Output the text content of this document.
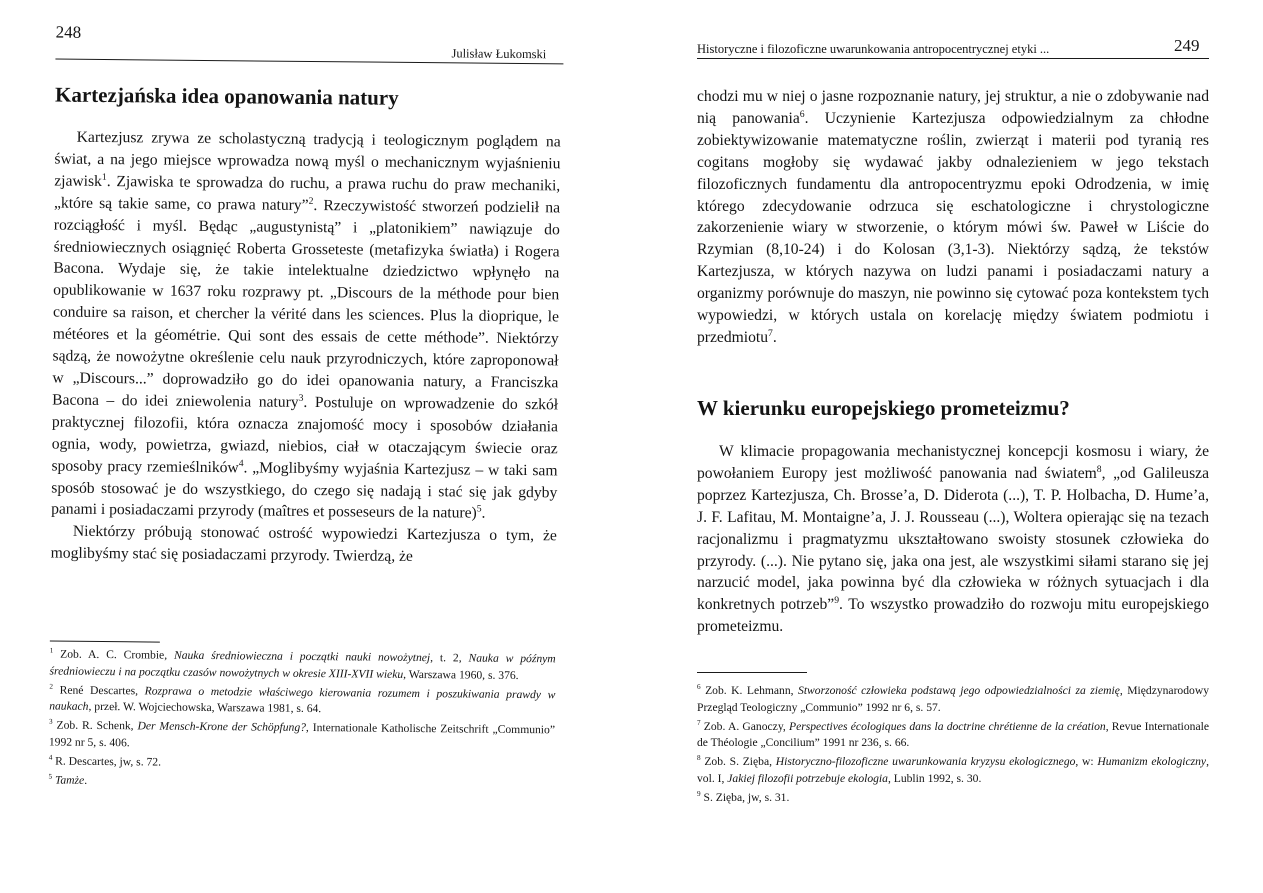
248
Julisław Łukomski
Kartezjańska idea opanowania natury

Kartezjusz zrywa ze scholastyczną tradycją i teologicznym poglądem na świat, a na jego miejsce wprowadza nową myśl o mechanicznym wyjaśnieniu zjawisk$^1$. Zjawiska te sprowadza do ruchu, a prawa ruchu do praw mechaniki, „które są takie same, co prawa natury”$^2$. Rzeczywistość stworzeń podzielił na rozciągłość i myśl. Będąc „augustynistą” i „platonikiem” nawiązuje do średniowiecznych osiągnięć Roberta Grosseteste (metafizyka światła) i Rogera Bacona. Wydaje się, że takie intelektualne dziedzictwo wpłynęło na opublikowanie w 1637 roku rozprawy pt. „Discours de la méthode pour bien conduire sa raison, et chercher la vérité dans les sciences. Plus la dioprique, le météores et la géométrie. Qui sont des essais de cette méthode”. Niektórzy sądzą, że nowożytne określenie celu nauk przyrodniczych, które zaproponował w „Discours...” doprowadziło go do idei opanowania natury, a Franciszka Bacona – do idei zniewolenia natury$^3$. Postuluje on wprowadzenie do szkół praktycznej filozofii, która oznacza znajomość mocy i sposobów działania ognia, wody, powietrza, gwiazd, niebios, ciał w otaczającym świecie oraz sposoby pracy rzemieślników$^4$. „Moglibyśmy wyjaśnia Kartezjusz – w taki sam sposób stosować je do wszystkiego, do czego się nadają i stać się jak gdyby panami i posiadaczami przyrody (maîtres et posseseurs de la nature)$^5$.

Niektórzy próbują stonować ostrość wypowiedzi Kartezjusza o tym, że moglibyśmy stać się posiadaczami przyrody. Twierdzą, że

$^1$ Zob. A. C. Crombie, Nauka średniowieczna i początki nauki nowożytnej, t. 2, Nauka w późnym średniowieczu i na początku czasów nowożytnych w okresie XIII-XVII wieku, Warszawa 1960, s. 376.
$^2$ René Descartes, Rozprawa o metodzie właściwego kierowania rozumem i poszukiwania prawdy w naukach, przeł. W. Wojciechowska, Warszawa 1981, s. 64.
$^3$ Zob. R. Schenk, Der Mensch-Krone der Schöpfung?, Internationale Katholische Zeitschrift „Communio” 1992 nr 5, s. 406.
$^4$ R. Descartes, jw, s. 72.
$^5$ Tamże.
Historyczne i filozoficzne uwarunkowania antropocentrycznej etyki ...	249

chodzi mu w niej o jasne rozpoznanie natury, jej struktur, a nie o zdobywanie nad nią panowania$^6$. Uczynienie Kartezjusza odpowiedzialnym za chłodne zobiektywizowanie matematyczne roślin, zwierząt i materii pod tyranią res cogitans mogłoby się wydawać jakby odnalezieniem w jego tekstach filozoficznych fundamentu dla antropocentryzmu epoki Odrodzenia, w imię którego zdecydowanie odrzuca się eschatologiczne i chrystologiczne zakorzenienie wiary w stworzenie, o którym mówi św. Paweł w Liście do Rzymian (8,10-24) i do Kolosan (3,1-3). Niektórzy sądzą, że tekstów Kartezjusza, w których nazywa on ludzi panami i posiadaczami natury a organizmy porównuje do maszyn, nie powinno się cytować poza kontekstem tych wypowiedzi, w których ustala on korelację między światem podmiotu i przedmiotu$^7$.

W kierunku europejskiego prometeizmu?

W klimacie propagowania mechanistycznej koncepcji kosmosu i wiary, że powołaniem Europy jest możliwość panowania nad światem$^8$, „od Galileusza poprzez Kartezjusza, Ch. Brosse’a, D. Diderota (...), T. P. Holbacha, D. Hume’a, J. F. Lafitau, M. Montaigne’a, J. J. Rousseau (...), Woltera opierając się na tezach racjonalizmu i pragmatyzmu ukształtowano swoisty stosunek człowieka do przyrody. (...). Nie pytano się, jaka ona jest, ale wszystkimi siłami starano się jej narzucić model, jaka powinna być dla człowieka w różnych sytuacjach i dla konkretnych potrzeb”$^9$. To wszystko prowadziło do rozwoju mitu europejskiego prometeizmu.

$^6$ Zob. K. Lehmann, Stworzoność człowieka podstawą jego odpowiedzialności za ziemię, Międzynarodowy Przegląd Teologiczny „Communio” 1992 nr 6, s. 57.
$^7$ Zob. A. Ganoczy, Perspectives écologiques dans la doctrine chrétienne de la création, Revue Internationale de Théologie „Concilium” 1991 nr 236, s. 66.
$^8$ Zob. S. Zięba, Historyczno-filozoficzne uwarunkowania kryzysu ekologicznego, w: Humanizm ekologiczny, vol. I, Jakiej filozofii potrzebuje ekologia, Lublin 1992, s. 30.
$^9$ S. Zięba, jw, s. 31.
